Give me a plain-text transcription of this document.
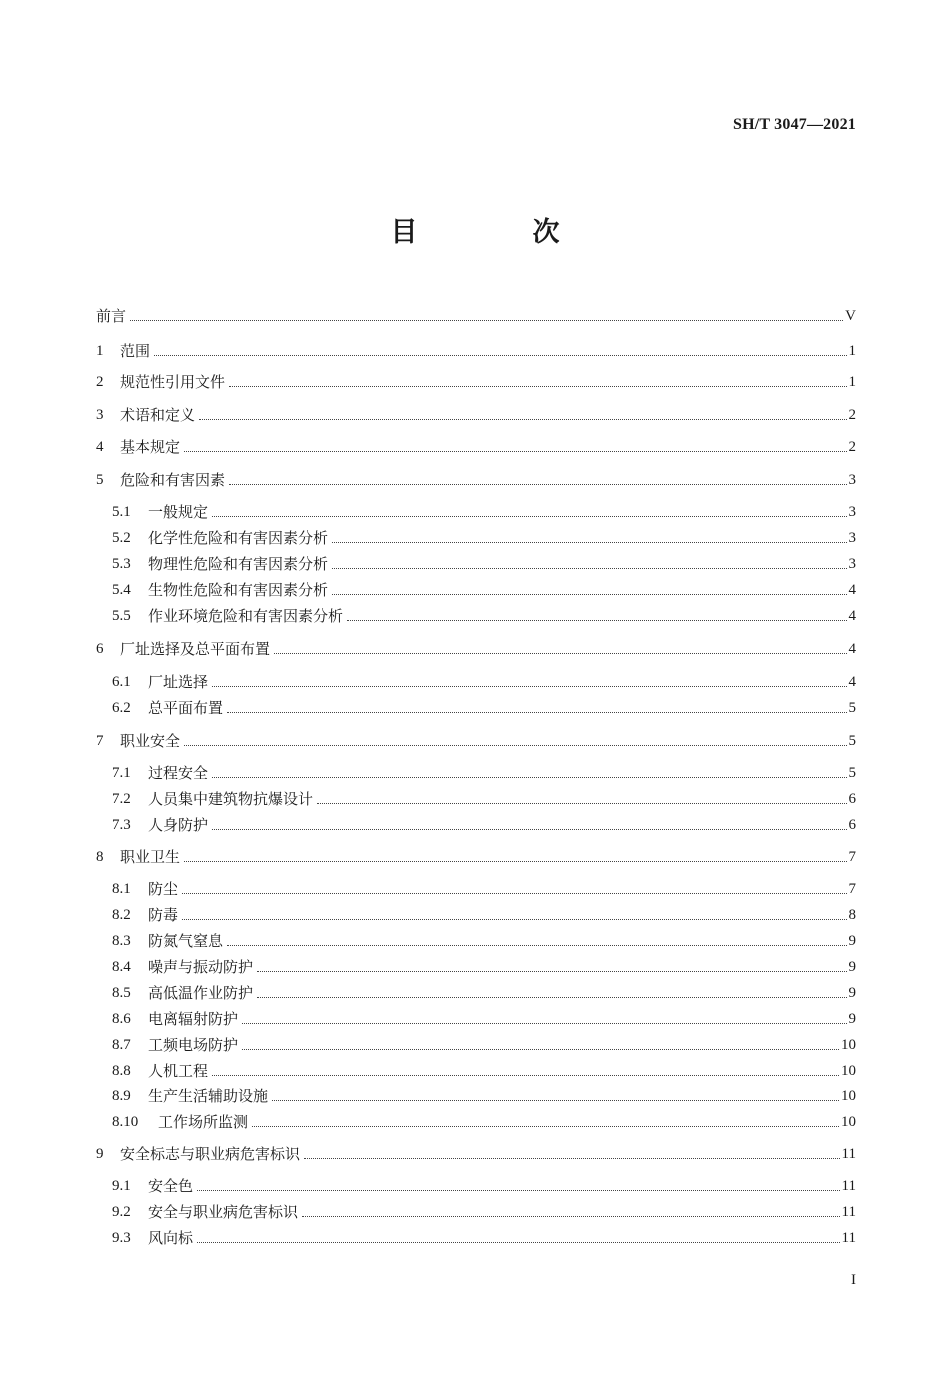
SH/T 3047—2021
目　次
前言	V
1	范围	1
2	规范性引用文件	1
3	术语和定义	2
4	基本规定	2
5	危险和有害因素	3
5.1	一般规定	3
5.2	化学性危险和有害因素分析	3
5.3	物理性危险和有害因素分析	3
5.4	生物性危险和有害因素分析	4
5.5	作业环境危险和有害因素分析	4
6	厂址选择及总平面布置	4
6.1	厂址选择	4
6.2	总平面布置	5
7	职业安全	5
7.1	过程安全	5
7.2	人员集中建筑物抗爆设计	6
7.3	人身防护	6
8	职业卫生	7
8.1	防尘	7
8.2	防毒	8
8.3	防氮气窒息	9
8.4	噪声与振动防护	9
8.5	高低温作业防护	9
8.6	电离辐射防护	9
8.7	工频电场防护	10
8.8	人机工程	10
8.9	生产生活辅助设施	10
8.10	工作场所监测	10
9	安全标志与职业病危害标识	11
9.1	安全色	11
9.2	安全与职业病危害标识	11
9.3	风向标	11
I
